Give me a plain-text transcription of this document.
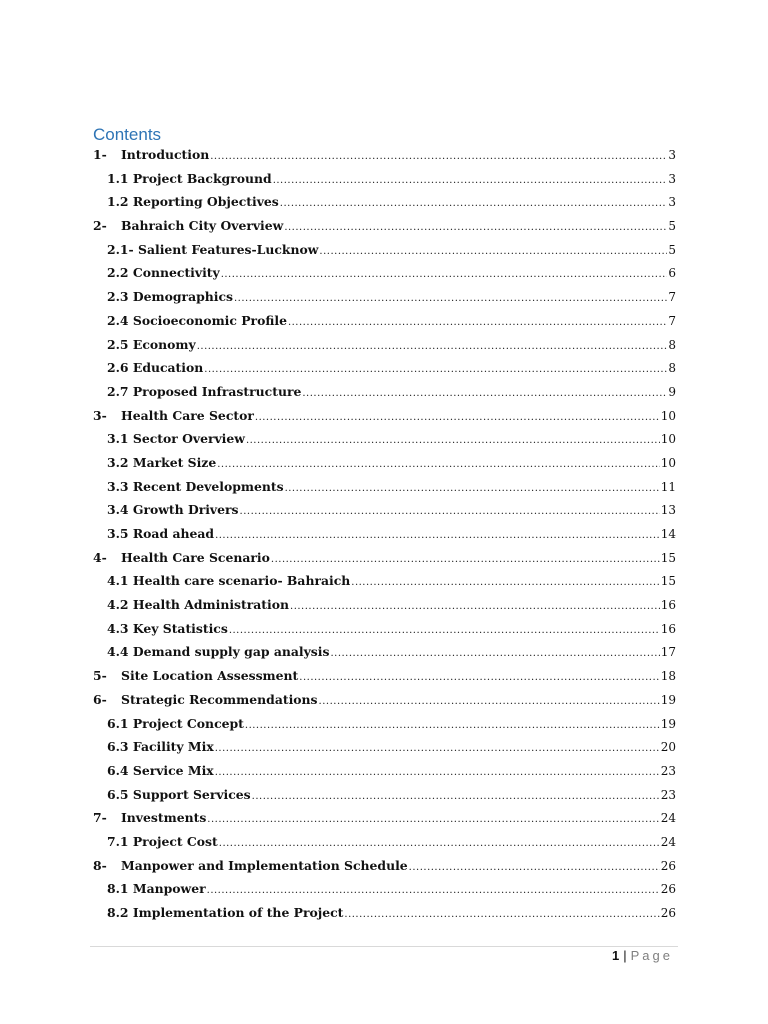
Contents
1-	Introduction .....	3
1.1 Project Background .....	3
1.2 Reporting Objectives .....	3
2-	Bahraich City Overview .....	5
2.1- Salient Features-Lucknow .....	5
2.2 Connectivity .....	6
2.3 Demographics .....	7
2.4 Socioeconomic Profile .....	7
2.5 Economy .....	8
2.6 Education .....	8
2.7 Proposed Infrastructure .....	9
3-	Health Care Sector .....	10
3.1 Sector Overview .....	10
3.2 Market Size .....	10
3.3 Recent Developments .....	11
3.4 Growth Drivers .....	13
3.5 Road ahead .....	14
4-	Health Care Scenario .....	15
4.1 Health care scenario- Bahraich .....	15
4.2 Health Administration .....	16
4.3 Key Statistics .....	16
4.4 Demand supply gap analysis .....	17
5-	Site Location Assessment .....	18
6-	Strategic Recommendations .....	19
6.1 Project Concept .....	19
6.3 Facility Mix .....	20
6.4 Service Mix .....	23
6.5 Support Services .....	23
7-	Investments .....	24
7.1 Project Cost .....	24
8-	Manpower and Implementation Schedule .....	26
8.1 Manpower .....	26
8.2 Implementation of the Project .....	26
1 | Page
